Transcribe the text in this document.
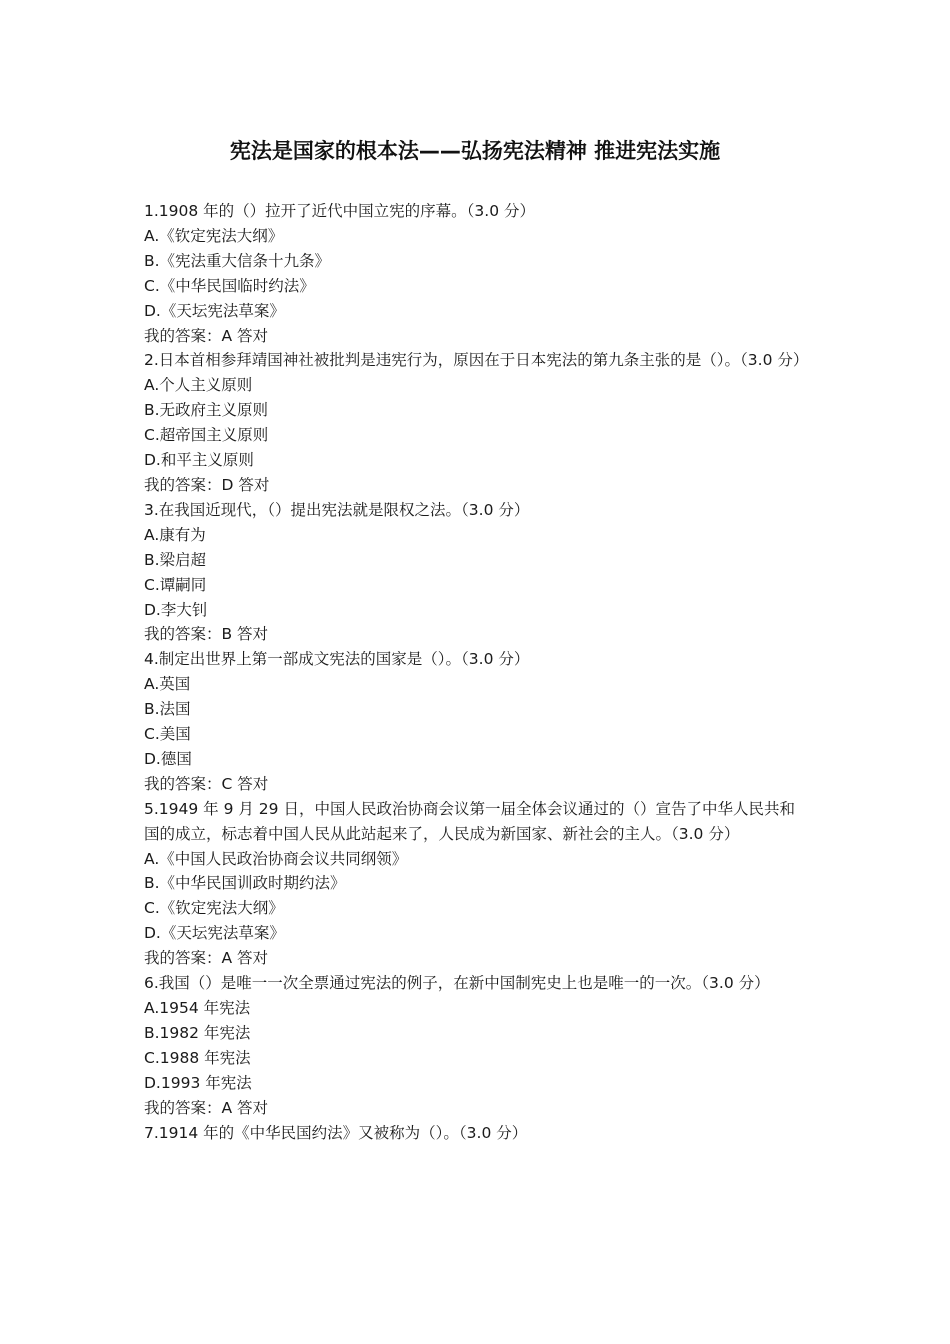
宪法是国家的根本法——弘扬宪法精神 推进宪法实施
1.1908 年的（）拉开了近代中国立宪的序幕。（3.0 分）
A.《钦定宪法大纲》
B.《宪法重大信条十九条》
C.《中华民国临时约法》
D.《天坛宪法草案》
我的答案：A 答对
2.日本首相参拜靖国神社被批判是违宪行为，原因在于日本宪法的第九条主张的是（）。（3.0 分）
A.个人主义原则
B.无政府主义原则
C.超帝国主义原则
D.和平主义原则
我的答案：D 答对
3.在我国近现代，（）提出宪法就是限权之法。（3.0 分）
A.康有为
B.梁启超
C.谭嗣同
D.李大钊
我的答案：B 答对
4.制定出世界上第一部成文宪法的国家是（）。（3.0 分）
A.英国
B.法国
C.美国
D.德国
我的答案：C 答对
5.1949 年 9 月 29 日，中国人民政治协商会议第一届全体会议通过的（）宣告了中华人民共和国的成立，标志着中国人民从此站起来了，人民成为新国家、新社会的主人。（3.0 分）
A.《中国人民政治协商会议共同纲领》
B.《中华民国训政时期约法》
C.《钦定宪法大纲》
D.《天坛宪法草案》
我的答案：A 答对
6.我国（）是唯一一次全票通过宪法的例子，在新中国制宪史上也是唯一的一次。（3.0 分）
A.1954 年宪法
B.1982 年宪法
C.1988 年宪法
D.1993 年宪法
我的答案：A 答对
7.1914 年的《中华民国约法》又被称为（）。（3.0 分）
